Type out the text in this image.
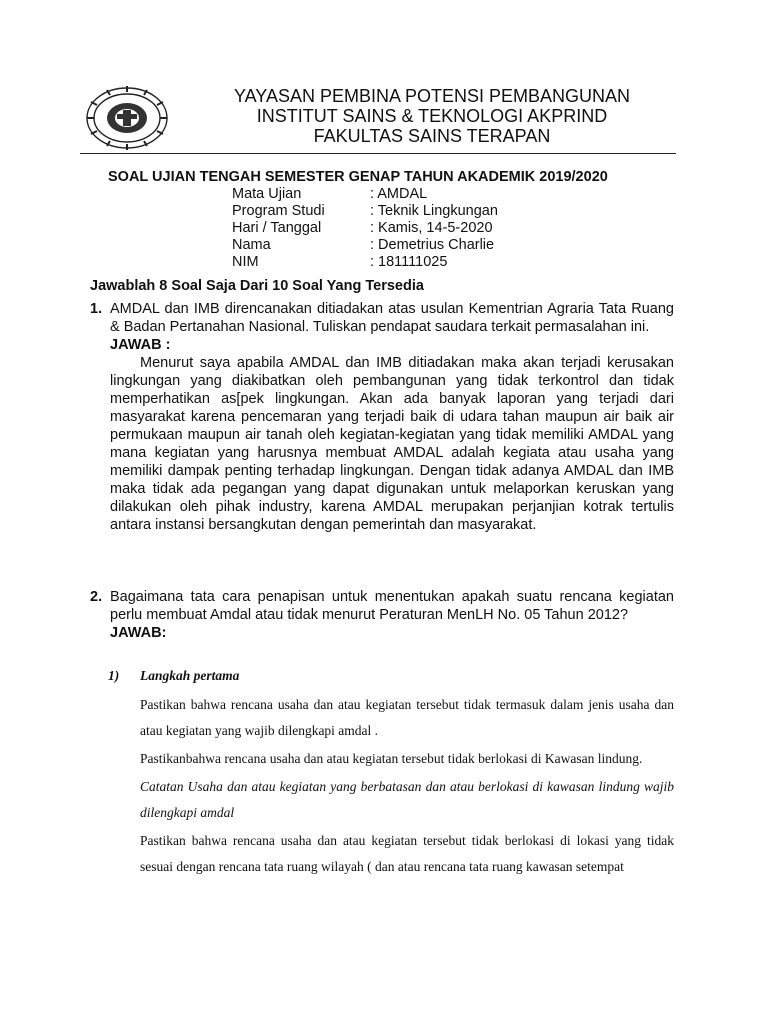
YAYASAN PEMBINA POTENSI PEMBANGUNAN
INSTITUT SAINS & TEKNOLOGI AKPRIND
FAKULTAS SAINS TERAPAN
SOAL UJIAN TENGAH SEMESTER GENAP TAHUN AKADEMIK 2019/2020
Mata Ujian	: AMDAL
Program Studi	: Teknik Lingkungan
Hari / Tanggal	: Kamis, 14-5-2020
Nama	: Demetrius Charlie
NIM	: 181111025
Jawablah 8 Soal Saja Dari 10 Soal Yang Tersedia
1. AMDAL dan IMB direncanakan ditiadakan atas usulan Kementrian Agraria Tata Ruang & Badan Pertanahan Nasional. Tuliskan pendapat saudara terkait permasalahan ini.
JAWAB :
Menurut saya apabila AMDAL dan IMB ditiadakan maka akan terjadi kerusakan lingkungan yang diakibatkan oleh pembangunan yang tidak terkontrol dan tidak memperhatikan as[pek lingkungan. Akan ada banyak laporan yang terjadi dari masyarakat karena pencemaran yang terjadi baik di udara tahan maupun air baik air permukaan maupun air tanah oleh kegiatan-kegiatan yang tidak memiliki AMDAL yang mana kegiatan yang harusnya membuat AMDAL adalah kegiata atau usaha yang memiliki dampak penting terhadap lingkungan. Dengan tidak adanya AMDAL dan IMB maka tidak ada pegangan yang dapat digunakan untuk melaporkan keruskan yang dilakukan oleh pihak industry, karena AMDAL merupakan perjanjian kotrak tertulis antara instansi bersangkutan dengan pemerintah dan masyarakat.
2. Bagaimana tata cara penapisan untuk menentukan apakah suatu rencana kegiatan perlu membuat Amdal atau tidak menurut Peraturan MenLH No. 05 Tahun 2012?
JAWAB:
1)	Langkah pertama
Pastikan bahwa rencana usaha dan atau kegiatan tersebut tidak termasuk dalam jenis usaha dan atau kegiatan yang wajib dilengkapi amdal .
Pastikanbahwa rencana usaha dan atau kegiatan tersebut tidak berlokasi di Kawasan lindung.
Catatan Usaha dan atau kegiatan yang berbatasan dan atau berlokasi di kawasan lindung wajib dilengkapi amdal
Pastikan bahwa rencana usaha dan atau kegiatan tersebut tidak berlokasi di lokasi yang tidak sesuai dengan rencana tata ruang wilayah ( dan atau rencana tata ruang kawasan setempat
